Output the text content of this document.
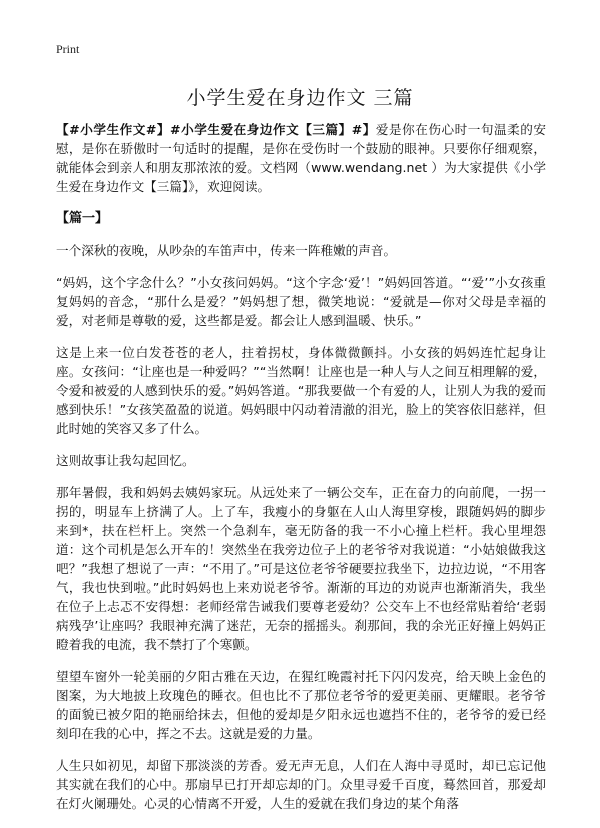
Print
小学生爱在身边作文 三篇

【#小学生作文#】#小学生爱在身边作文【三篇】#】爱是你在伤心时一句温柔的安慰，是你在骄傲时一句适时的提醒，是你在受伤时一个鼓励的眼神。只要你仔细观察，就能体会到亲人和朋友那浓浓的爱。文档网（www.wendang.net ）为大家提供《小学生爱在身边作文【三篇】》，欢迎阅读。

【篇一】

一个深秋的夜晚，从吵杂的车笛声中，传来一阵稚嫩的声音。

“妈妈，这个字念什么？”小女孩问妈妈。“这个字念‘爱’！”妈妈回答道。“‘爱’”小女孩重复妈妈的音念，“那什么是爱？”妈妈想了想，微笑地说：“爱就是—你对父母是幸福的爱，对老师是尊敬的爱，这些都是爱。都会让人感到温暖、快乐。”

这是上来一位白发苍苍的老人，拄着拐杖，身体微微颤抖。小女孩的妈妈连忙起身让座。女孩问：“让座也是一种爱吗？”“当然啊！让座也是一种人与人之间互相理解的爱，令爱和被爱的人感到快乐的爱。”妈妈答道。“那我要做一个有爱的人，让别人为我的爱而感到快乐！”女孩笑盈盈的说道。妈妈眼中闪动着清澈的泪光，脸上的笑容依旧慈祥，但此时她的笑容又多了什么。

这则故事让我勾起回忆。

那年暑假，我和妈妈去姨妈家玩。从远处来了一辆公交车，正在奋力的向前爬，一拐一拐的，明显车上挤满了人。上了车，我瘦小的身躯在人山人海里穿梭，跟随妈妈的脚步来到*，扶在栏杆上。突然一个急刹车，毫无防备的我一不小心撞上栏杆。我心里埋怨道：这个司机是怎么开车的！突然坐在我旁边位子上的老爷爷对我说道：“小姑娘做我这吧？”我想了想说了一声：“不用了。”可是这位老爷爷硬要拉我坐下，边拉边说，“不用客气，我也快到啦。”此时妈妈也上来劝说老爷爷。渐渐的耳边的劝说声也渐渐消失，我坐在位子上忐忑不安得想：老师经常告诫我们要尊老爱幼？公交车上不也经常贴着给‘老弱病残孕’让座吗？我眼神充满了迷茫，无奈的摇摇头。刹那间，我的余光正好撞上妈妈正瞪着我的电流，我不禁打了个寒颤。

望望车窗外一轮美丽的夕阳古雅在天边，在猩红晚霞衬托下闪闪发亮，给天映上金色的图案，为大地披上玫瑰色的睡衣。但也比不了那位老爷爷的爱更美丽、更耀眼。老爷爷的面貌已被夕阳的艳丽给抹去，但他的爱却是夕阳永远也遮挡不住的，老爷爷的爱已经刻印在我的心中，挥之不去。这就是爱的力量。

人生只如初见，却留下那淡淡的芳香。爱无声无息，人们在人海中寻觅时，却已忘记他其实就在我们的心中。那扇早已打开却忘却的门。众里寻爱千百度，蓦然回首，那爱却在灯火阑珊处。心灵的心情离不开爱，人生的爱就在我们身边的某个角落
